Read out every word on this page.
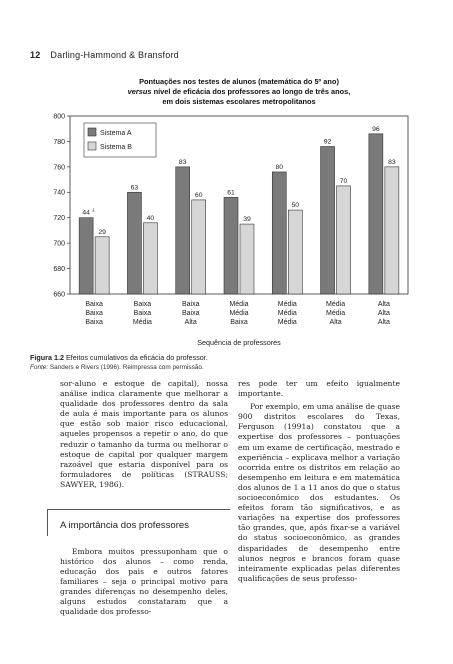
12 Darling-Hammond & Bransford
Pontuações nos testes de alunos (matemática do 5º ano)
versus nível de eficácia dos professores ao longo de três anos,
em dois sistemas escolares metropolitanos
660
680
700
720
740
760
780
800
44 1
29
Baixa
Baixa
Baixa
63
40
Baixa
Baixa
Média
83
60
Baixa
Baixa
Alta
61
39
Média
Média
Baixa
80
50
Média
Média
Média
92
70
Média
Média
Alta
96
83
Alta
Alta
Alta
Sistema A
Sistema B
Sequência de professores
Figura 1.2 Efeitos cumulativos da eficácia do professor.
Fonte: Sanders e Rivers (1996). Reimpressa com permissão.

sor-aluno e estoque de capital), nossa análise indica claramente que melhorar a qualidade dos professores dentro da sala de aula é mais importante para os alunos que estão sob maior risco educacional, aqueles propensos a repetir o ano, do que reduzir o tamanho da turma ou melhorar o estoque de capital por qualquer margem razoável que estaria disponível para os formuladores de políticas (STRAUSS; SAWYER, 1986).

A importância dos professores

Embora muitos pressuponham que o histórico dos alunos – como renda, educação dos pais e outros fatores familiares – seja o principal motivo para grandes diferenças no desempenho deles, alguns estudos constataram que a qualidade dos professo-

res pode ter um efeito igualmente importante.

Por exemplo, em uma análise de quase 900 distritos escolares do Texas, Ferguson (1991a) constatou que a expertise dos professores – pontuações em um exame de certificação, mestrado e experiência – explicava melhor a variação ocorrida entre os distritos em relação ao desempenho em leitura e em matemática dos alunos de 1 a 11 anos do que o status socioeconômico dos estudantes. Os efeitos foram tão significativos, e as variações na expertise dos professores tão grandes, que, após fixar-se a variável do status socioeconômico, as grandes disparidades de desempenho entre alunos negros e brancos foram quase inteiramente explicadas pelas diferentes qualificações de seus professo-
